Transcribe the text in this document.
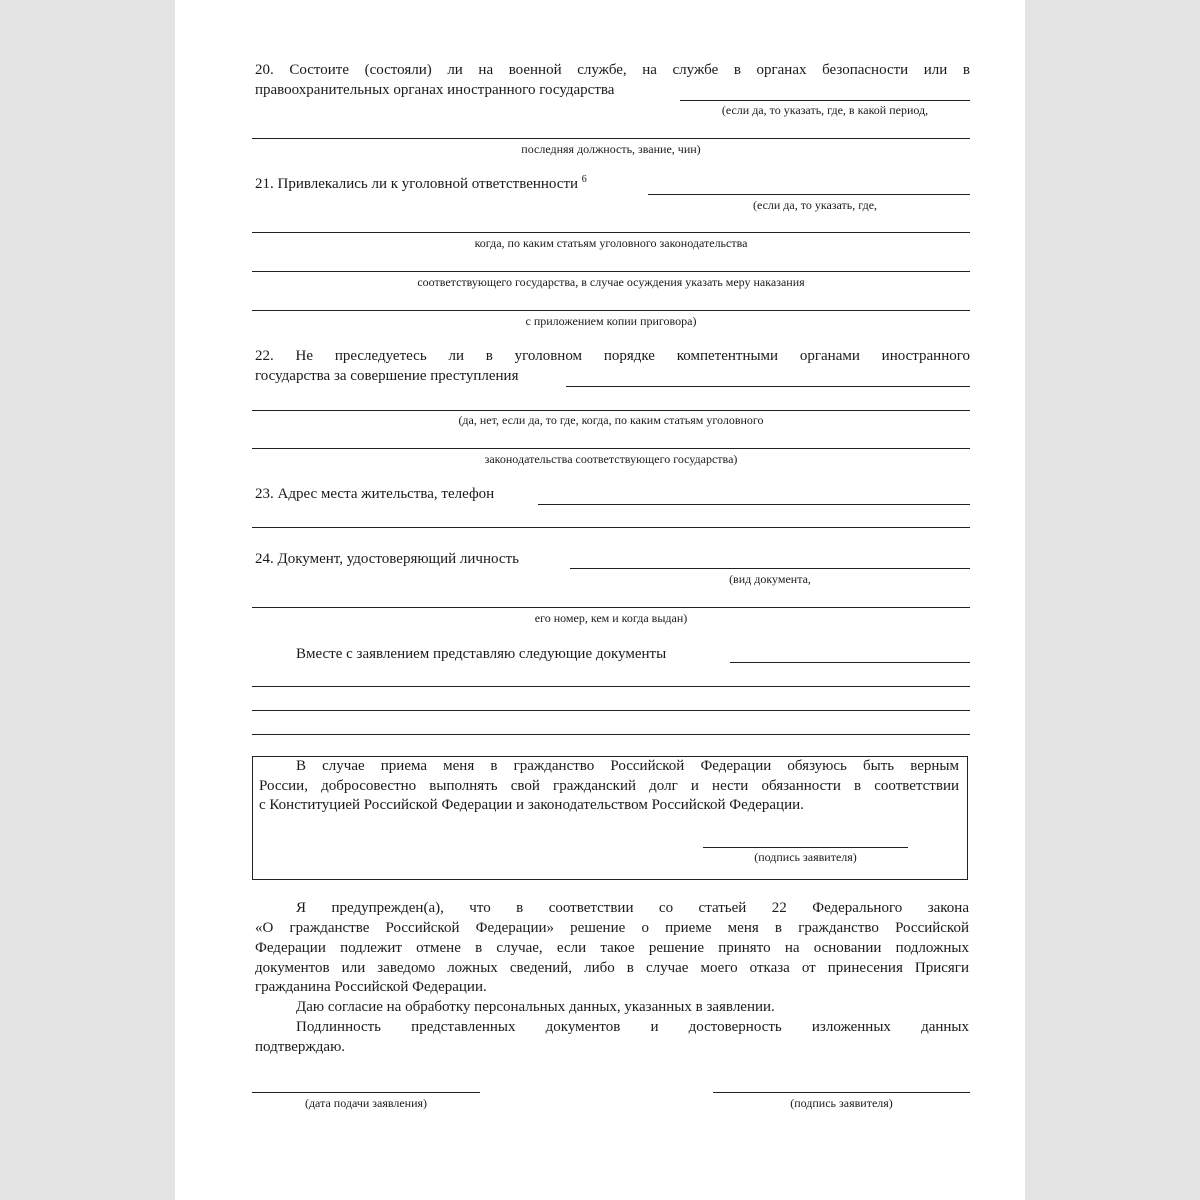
20. Состоите (состояли) ли на военной службе, на службе в органах безопасности или в
правоохранительных органах иностранного государства
(если да, то указать, где, в какой период,
последняя должность, звание, чин)
21. Привлекались ли к уголовной ответственности $^6$
(если да, то указать, где,
когда, по каким статьям уголовного законодательства
соответствующего государства, в случае осуждения указать меру наказания
с приложением копии приговора)
22. Не преследуетесь ли в уголовном порядке компетентными органами иностранного
государства за совершение преступления
(да, нет, если да, то где, когда, по каким статьям уголовного
законодательства соответствующего государства)
23. Адрес места жительства, телефон
24. Документ, удостоверяющий личность
(вид документа,
его номер, кем и когда выдан)
Вместе с заявлением представляю следующие документы
В случае приема меня в гражданство Российской Федерации обязуюсь быть верным
России, добросовестно выполнять свой гражданский долг и нести обязанности в соответствии
с Конституцией Российской Федерации и законодательством Российской Федерации.
(подпись заявителя)
Я предупрежден(а), что в соответствии со статьей 22 Федерального закона
«О гражданстве Российской Федерации» решение о приеме меня в гражданство Российской
Федерации подлежит отмене в случае, если такое решение принято на основании подложных
документов или заведомо ложных сведений, либо в случае моего отказа от принесения Присяги
гражданина Российской Федерации.
Даю согласие на обработку персональных данных, указанных в заявлении.
Подлинность представленных документов и достоверность изложенных данных
подтверждаю.
(дата подачи заявления)	(подпись заявителя)
